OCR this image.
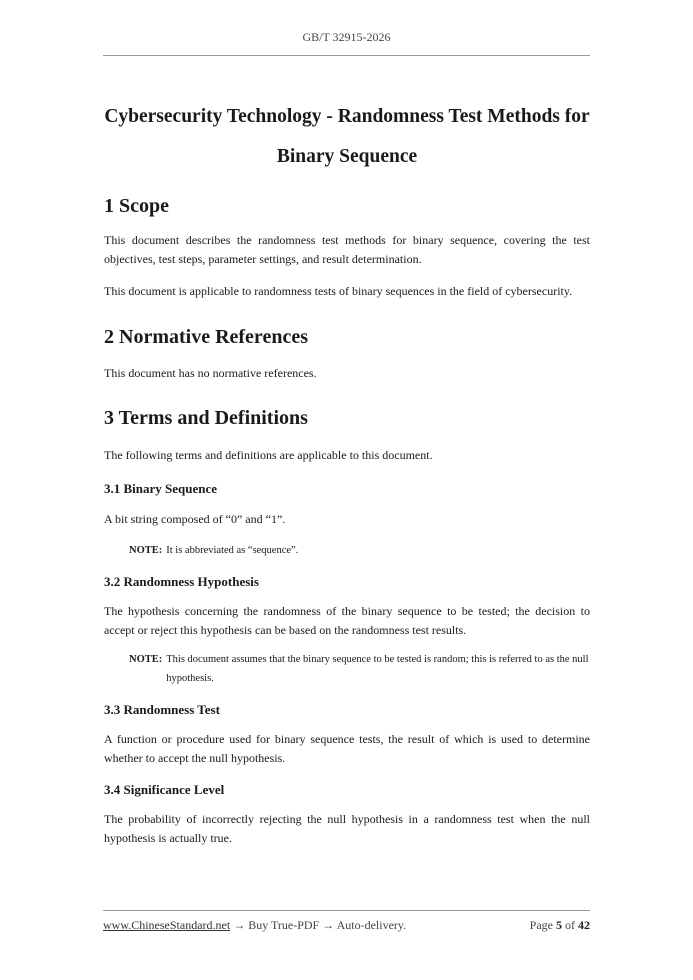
GB/T 32915-2026
Cybersecurity Technology - Randomness Test Methods for
Binary Sequence
1 Scope

This document describes the randomness test methods for binary sequence, covering the test objectives, test steps, parameter settings, and result determination.

This document is applicable to randomness tests of binary sequences in the field of cybersecurity.

2 Normative References

This document has no normative references.

3 Terms and Definitions

The following terms and definitions are applicable to this document.

3.1 Binary Sequence

A bit string composed of “0” and “1”.

NOTE: It is abbreviated as “sequence”.
3.2 Randomness Hypothesis

The hypothesis concerning the randomness of the binary sequence to be tested; the decision to accept or reject this hypothesis can be based on the randomness test results.

NOTE: This document assumes that the binary sequence to be tested is random; this is referred to as the null hypothesis.
3.3 Randomness Test

A function or procedure used for binary sequence tests, the result of which is used to determine whether to accept the null hypothesis.

3.4 Significance Level

The probability of incorrectly rejecting the null hypothesis in a randomness test when the null hypothesis is actually true.

www.ChineseStandard.net → Buy True-PDF → Auto-delivery.	Page 5 of 42
